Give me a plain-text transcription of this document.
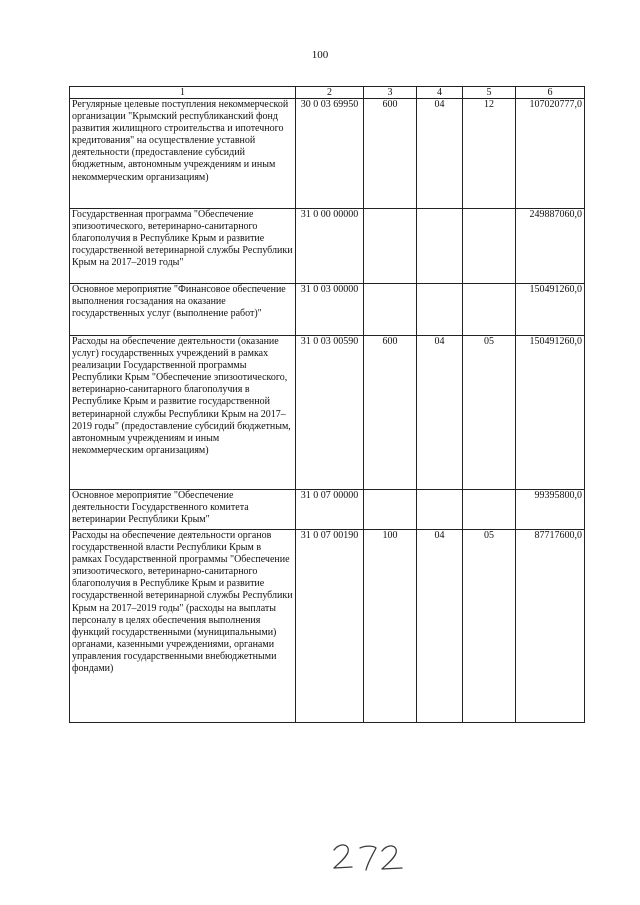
100
1	2	3	4	5	6
Регулярные целевые поступления некоммерческой организации "Крымский республиканский фонд развития жилищного строительства и ипотечного кредитования" на осуществление уставной деятельности (предоставление субсидий бюджетным, автономным учреждениям и иным некоммерческим организациям)	30 0 03 69950	600	04	12	107020777,0
Государственная программа "Обеспечение эпизоотического, ветеринарно-санитарного благополучия в Республике Крым и развитие государственной ветеринарной службы Республики Крым на 2017–2019 годы"	31 0 00 00000				249887060,0
Основное мероприятие "Финансовое обеспечение выполнения госзадания на оказание государственных услуг (выполнение работ)"	31 0 03 00000				150491260,0
Расходы на обеспечение деятельности (оказание услуг) государственных учреждений в рамках реализации Государственной программы Республики Крым "Обеспечение эпизоотического, ветеринарно-санитарного благополучия в Республике Крым и развитие государственной ветеринарной службы Республики Крым на 2017–2019 годы" (предоставление субсидий бюджетным, автономным учреждениям и иным некоммерческим организациям)	31 0 03 00590	600	04	05	150491260,0
Основное мероприятие "Обеспечение деятельности Государственного комитета ветеринарии Республики Крым"	31 0 07 00000				99395800,0
Расходы на обеспечение деятельности органов государственной власти Республики Крым в рамках Государственной программы "Обеспечение эпизоотического, ветеринарно-санитарного благополучия в Республике Крым и развитие государственной ветеринарной службы Республики Крым на 2017–2019 годы" (расходы на выплаты персоналу в целях обеспечения выполнения функций государственными (муниципальными) органами, казенными учреждениями, органами управления государственными внебюджетными фондами)	31 0 07 00190	100	04	05	87717600,0
